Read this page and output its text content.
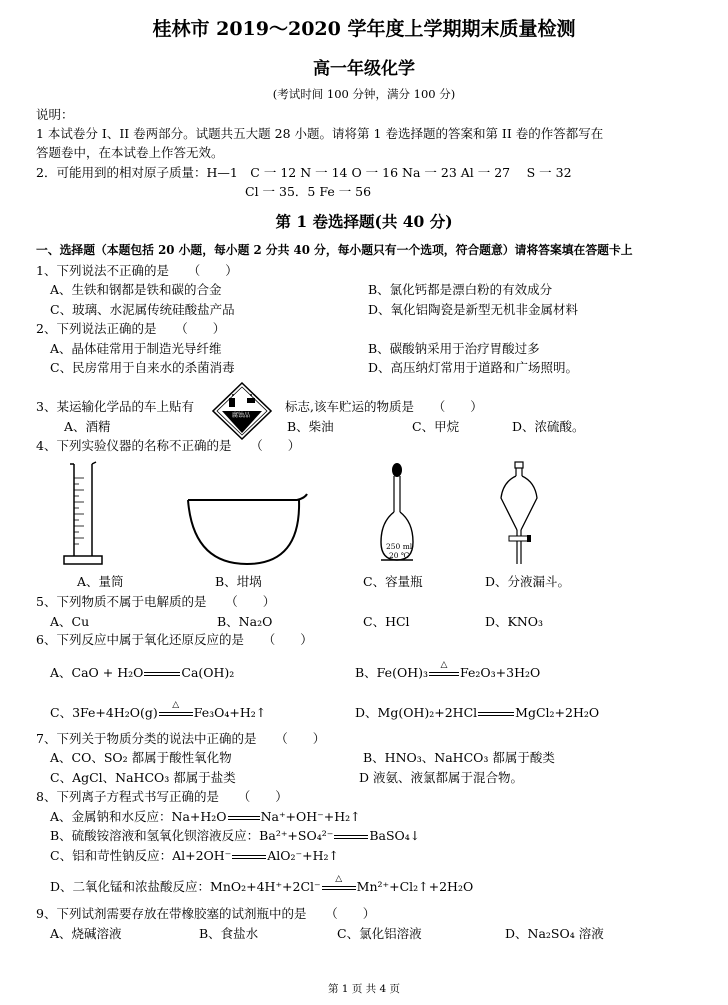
桂林市 2019～2020 学年度上学期期末质量检测
高一年级化学
(考试时间 100 分钟，满分 100 分)
说明：
1 本试卷分 I、II 卷两部分。试题共五大题 28 小题。请将第 1 卷选择题的答案和第 II 卷的作答都写在
答题卷中，在本试卷上作答无效。
2．可能用到的相对原子质量：H—1　C 一 12 N 一 14 O 一 16 Na 一 23 Al 一 27　 S 一 32
Cl 一 35．5 Fe 一 56
第 1 卷选择题(共 40 分)
一、选择题（本题包括 20 小题，每小题 2 分共 40 分，每小题只有一个选项，符合题意）请将答案填在答题卡上
1、下列说法不正确的是　　（　　）
A、生铁和钢都是铁和碳的合金	B、氯化钙都是漂白粉的有效成分
C、玻璃、水泥属传统硅酸盐产品	D、氧化铝陶瓷是新型无机非金属材料
2、下列说法正确的是　　（　　）
A、晶体硅常用于制造光导纤维	B、碳酸钠采用于治疗胃酸过多
C、民房常用于自来水的杀菌消毒	D、高压纳灯常用于道路和广场照明。
3、某运输化学品的车上贴有
腐蚀品
标志,该车贮运的物质是　　（　　）
A、酒精	B、柴油	C、甲烷	D、浓硫酸。
4、下列实验仪器的名称不正确的是　　（　　）
250 ml
20 ℃
A、量筒	B、坩埚	C、容量瓶	D、分液漏斗。
5、下列物质不属于电解质的是　　（　　）
A、Cu	B、Na₂O	C、HCl	D、KNO₃
6、下列反应中属于氧化还原反应的是　　（　　）
A、CaO + H₂O	Ca(OH)₂	B、Fe(OH)₃
△
Fe₂O₃+3H₂O
C、3Fe+4H₂O(g)
△
Fe₃O₄+H₂↑	D、Mg(OH)₂+2HCl	MgCl₂+2H₂O
7、下列关于物质分类的说法中正确的是　　（　　）
A、CO、SO₂ 都属于酸性氧化物	B、HNO₃、NaHCO₃ 都属于酸类
C、AgCl、NaHCO₃ 都属于盐类	D 液氨、液氯都属于混合物。
8、下列离子方程式书写正确的是　　（　　）
A、金属钠和水反应：Na+H₂O	Na⁺+OH⁻+H₂↑
B、硫酸铵溶液和氢氧化钡溶液反应：Ba²⁺+SO₄²⁻	BaSO₄↓
C、铝和苛性钠反应：Al+2OH⁻	AlO₂⁻+H₂↑
D、二氧化锰和浓盐酸反应：MnO₂+4H⁺+2Cl⁻
△
Mn²⁺+Cl₂↑+2H₂O
9、下列试剂需要存放在带橡胶塞的试剂瓶中的是　　（　　）
A、烧碱溶液	B、食盐水	C、氯化铝溶液	D、Na₂SO₄ 溶液
第 1 页 共 4 页
